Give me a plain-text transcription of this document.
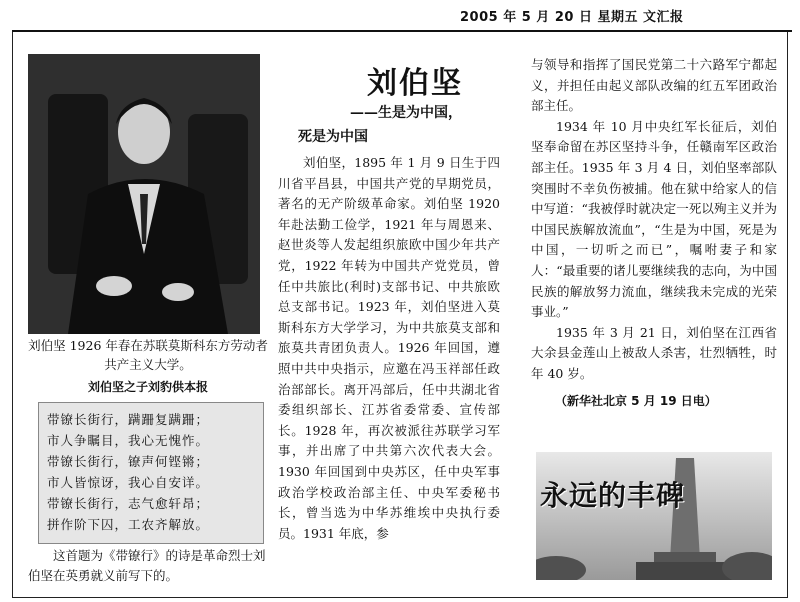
2005 年 5 月 20 日 星期五 文汇报
刘伯坚 1926 年春在苏联莫斯科东方劳动者共产主义大学。
刘伯坚之子刘豹供本报
带镣长街行，蹒跚复蹒跚；
市人争瞩目，我心无愧怍。
带镣长街行，镣声何铿锵；
市人皆惊讶，我心自安详。
带镣长街行，志气愈轩昂；
拼作阶下囚，工农齐解放。
这首题为《带镣行》的诗是革命烈士刘伯坚在英勇就义前写下的。
刘伯坚
——生是为中国，
死是为中国

刘伯坚，1895 年 1 月 9 日生于四川省平昌县，中国共产党的早期党员，著名的无产阶级革命家。刘伯坚 1920 年赴法勤工俭学，1921 年与周恩来、赵世炎等人发起组织旅欧中国少年共产党，1922 年转为中国共产党党员，曾任中共旅比(利时)支部书记、中共旅欧总支部书记。1923 年，刘伯坚进入莫斯科东方大学学习，为中共旅莫支部和旅莫共青团负责人。1926 年回国，遵照中共中央指示，应邀在冯玉祥部任政治部部长。离开冯部后，任中共湖北省委组织部长、江苏省委常委、宣传部长。1928 年，再次被派往苏联学习军事，并出席了中共第六次代表大会。1930 年回国到中央苏区，任中央军事政治学校政治部主任、中央军委秘书长，曾当选为中华苏维埃中央执行委员。1931 年底，参

与领导和指挥了国民党第二十六路军宁都起义，并担任由起义部队改编的红五军团政治部主任。

1934 年 10 月中央红军长征后，刘伯坚奉命留在苏区坚持斗争，任赣南军区政治部主任。1935 年 3 月 4 日，刘伯坚率部队突围时不幸负伤被捕。他在狱中给家人的信中写道：“我被俘时就决定一死以殉主义并为中国民族解放流血”，“生是为中国，死是为中国，一切听之而已”，嘱咐妻子和家人：“最重要的诸儿要继续我的志向，为中国民族的解放努力流血，继续我未完成的光荣事业。”

1935 年 3 月 21 日，刘伯坚在江西省大余县金莲山上被敌人杀害，壮烈牺牲，时年 40 岁。

（新华社北京 5 月 19 日电）
永远的丰碑
